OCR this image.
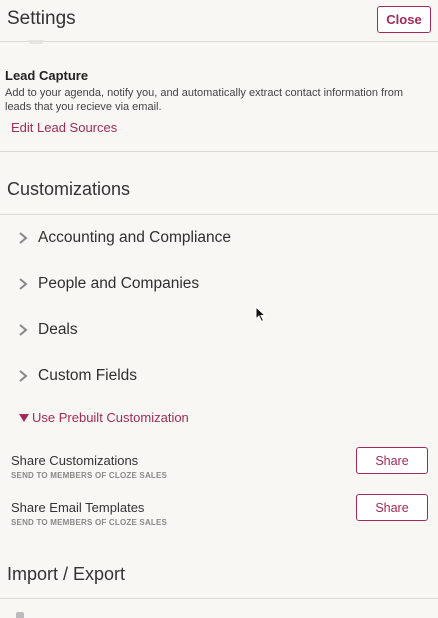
Settings	Close
Lead Capture
Add to your agenda, notify you, and automatically extract contact information from leads that you recieve via email.
Edit Lead Sources
Customizations
Accounting and Compliance
People and Companies
Deals
Custom Fields
Use Prebuilt Customization
Share Customizations
SEND TO MEMBERS OF CLOZE SALES
Share
Share Email Templates
SEND TO MEMBERS OF CLOZE SALES
Share
Import / Export
